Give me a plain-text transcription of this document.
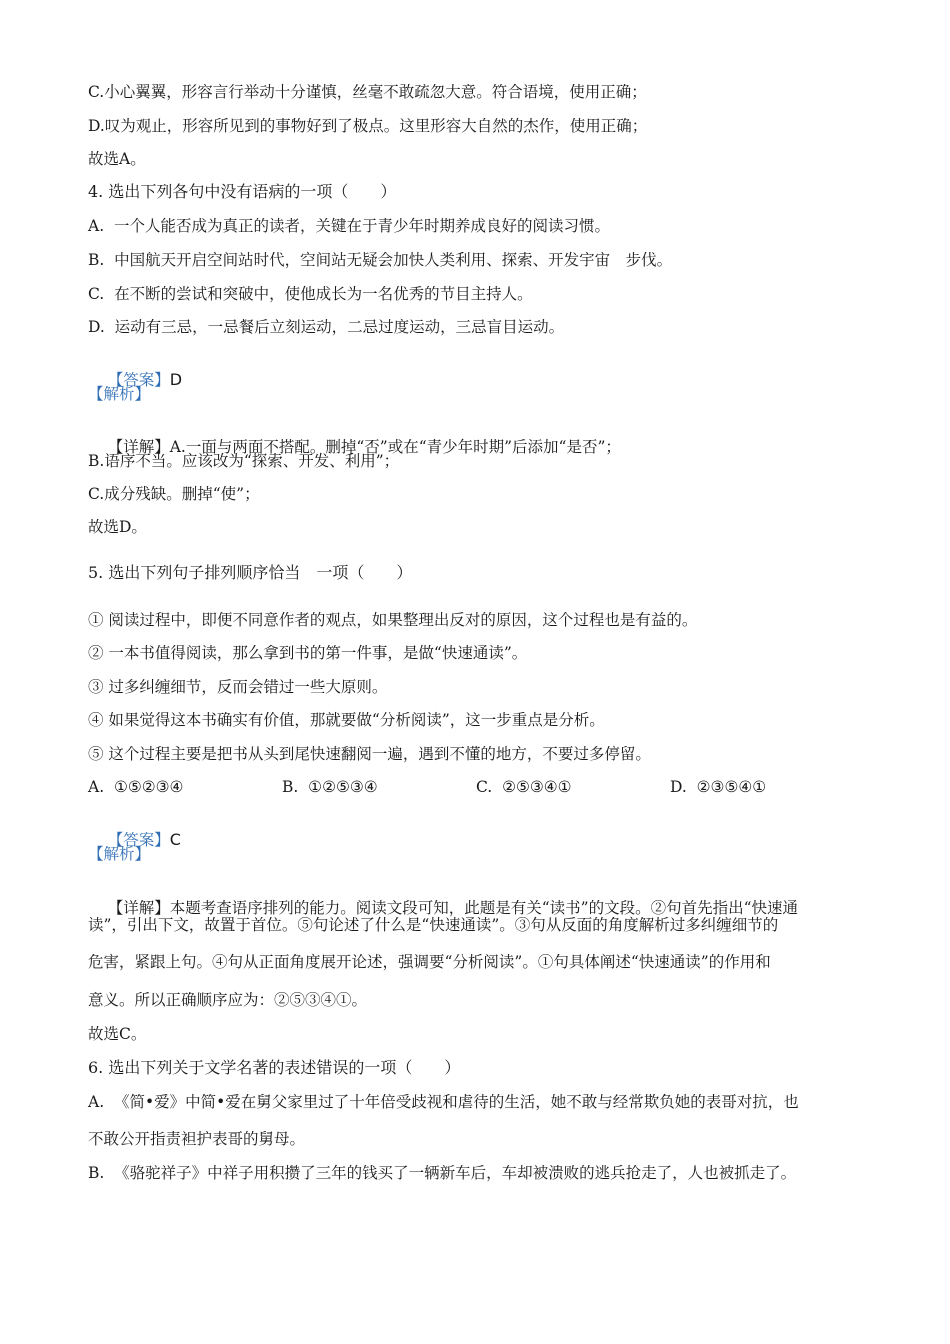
C.小心翼翼，形容言行举动十分谨慎，丝毫不敢疏忽大意。符合语境，使用正确；
D.叹为观止，形容所见到的事物好到了极点。这里形容大自然的杰作，使用正确；
故选A。
4. 选出下列各句中没有语病的一项（　　）
A.  一个人能否成为真正的读者，关键在于青少年时期养成良好的阅读习惯。
B.  中国航天开启空间站时代，空间站无疑会加快人类利用、探索、开发宇宙　步伐。
C.  在不断的尝试和突破中，使他成长为一名优秀的节目主持人。
D.  运动有三忌，一忌餐后立刻运动，二忌过度运动，三忌盲目运动。

【答案】D

【解析】

【详解】A.一面与两面不搭配。删掉“否”或在“青少年时期”后添加“是否”；

B.语序不当。应该改为“探索、开发、利用”；
C.成分残缺。删掉“使”；
故选D。
5. 选出下列句子排列顺序恰当　一项（　　）
① 阅读过程中，即便不同意作者的观点，如果整理出反对的原因，这个过程也是有益的。
② 一本书值得阅读，那么拿到书的第一件事，是做“快速通读”。
③ 过多纠缠细节，反而会错过一些大原则。
④ 如果觉得这本书确实有价值，那就要做“分析阅读”，这一步重点是分析。
⑤ 这个过程主要是把书从头到尾快速翻阅一遍，遇到不懂的地方，不要过多停留。
A.  ①⑤②③④	B.  ①②⑤③④	C.  ②⑤③④①	D.  ②③⑤④①

【答案】C

【解析】

【详解】本题考查语序排列的能力。阅读文段可知，此题是有关“读书”的文段。②句首先指出“快速通

读”，引出下文，故置于首位。⑤句论述了什么是“快速通读”。③句从反面的角度解析过多纠缠细节的
危害，紧跟上句。④句从正面角度展开论述，强调要“分析阅读”。①句具体阐述“快速通读”的作用和
意义。所以正确顺序应为：②⑤③④①。
故选C。
6. 选出下列关于文学名著的表述错误的一项（　　）
A.  《简•爱》中简•爱在舅父家里过了十年倍受歧视和虐待的生活，她不敢与经常欺负她的表哥对抗，也
不敢公开指责袒护表哥的舅母。
B.  《骆驼祥子》中祥子用积攒了三年的钱买了一辆新车后，车却被溃败的逃兵抢走了，人也被抓走了。
